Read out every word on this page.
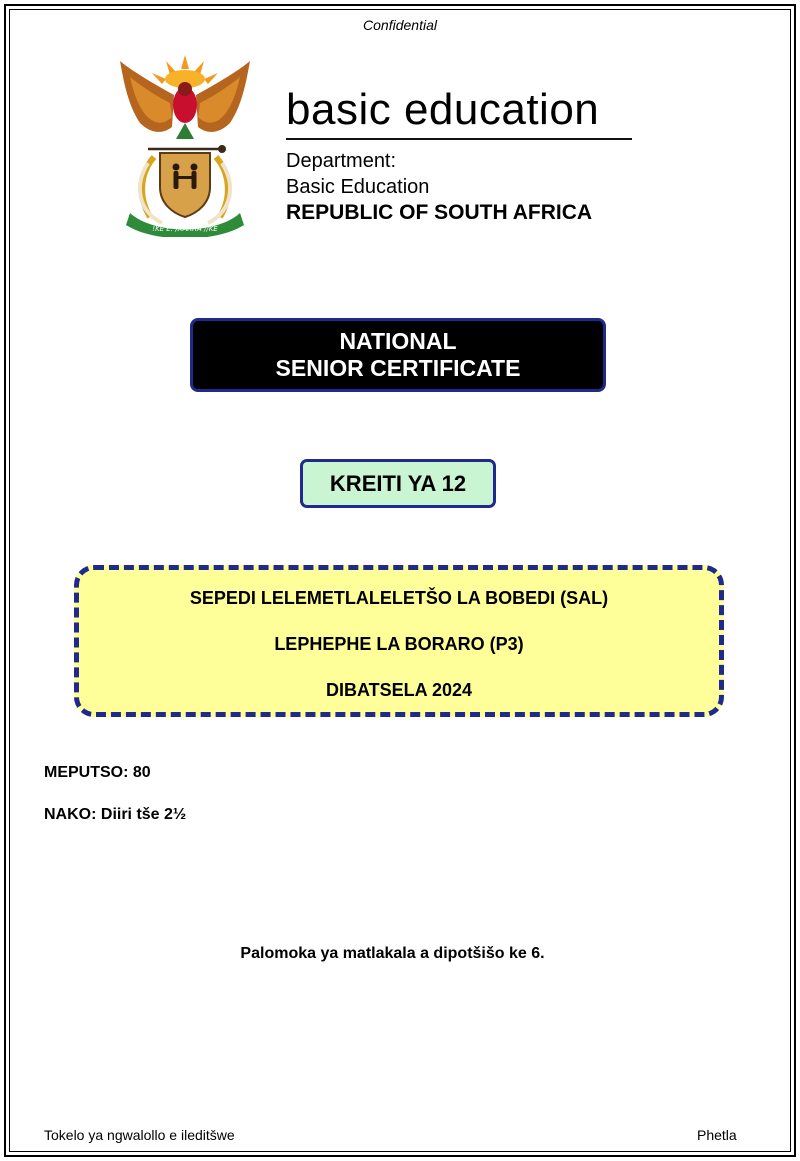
Confidential
!KE E: /XARRA //KE
basic education
Department:
Basic Education
REPUBLIC OF SOUTH AFRICA
NATIONAL
SENIOR CERTIFICATE
KREITI YA 12
SEPEDI LELEMETLALELETŠO LA BOBEDI (SAL)
LEPHEPHE LA BORARO (P3)
DIBATSELA 2024
MEPUTSO: 80
NAKO: Diiri tše 2½
Palomoka ya matlakala a dipotšišo ke 6.
Tokelo ya ngwalollo e ileditšwe	Phetla
